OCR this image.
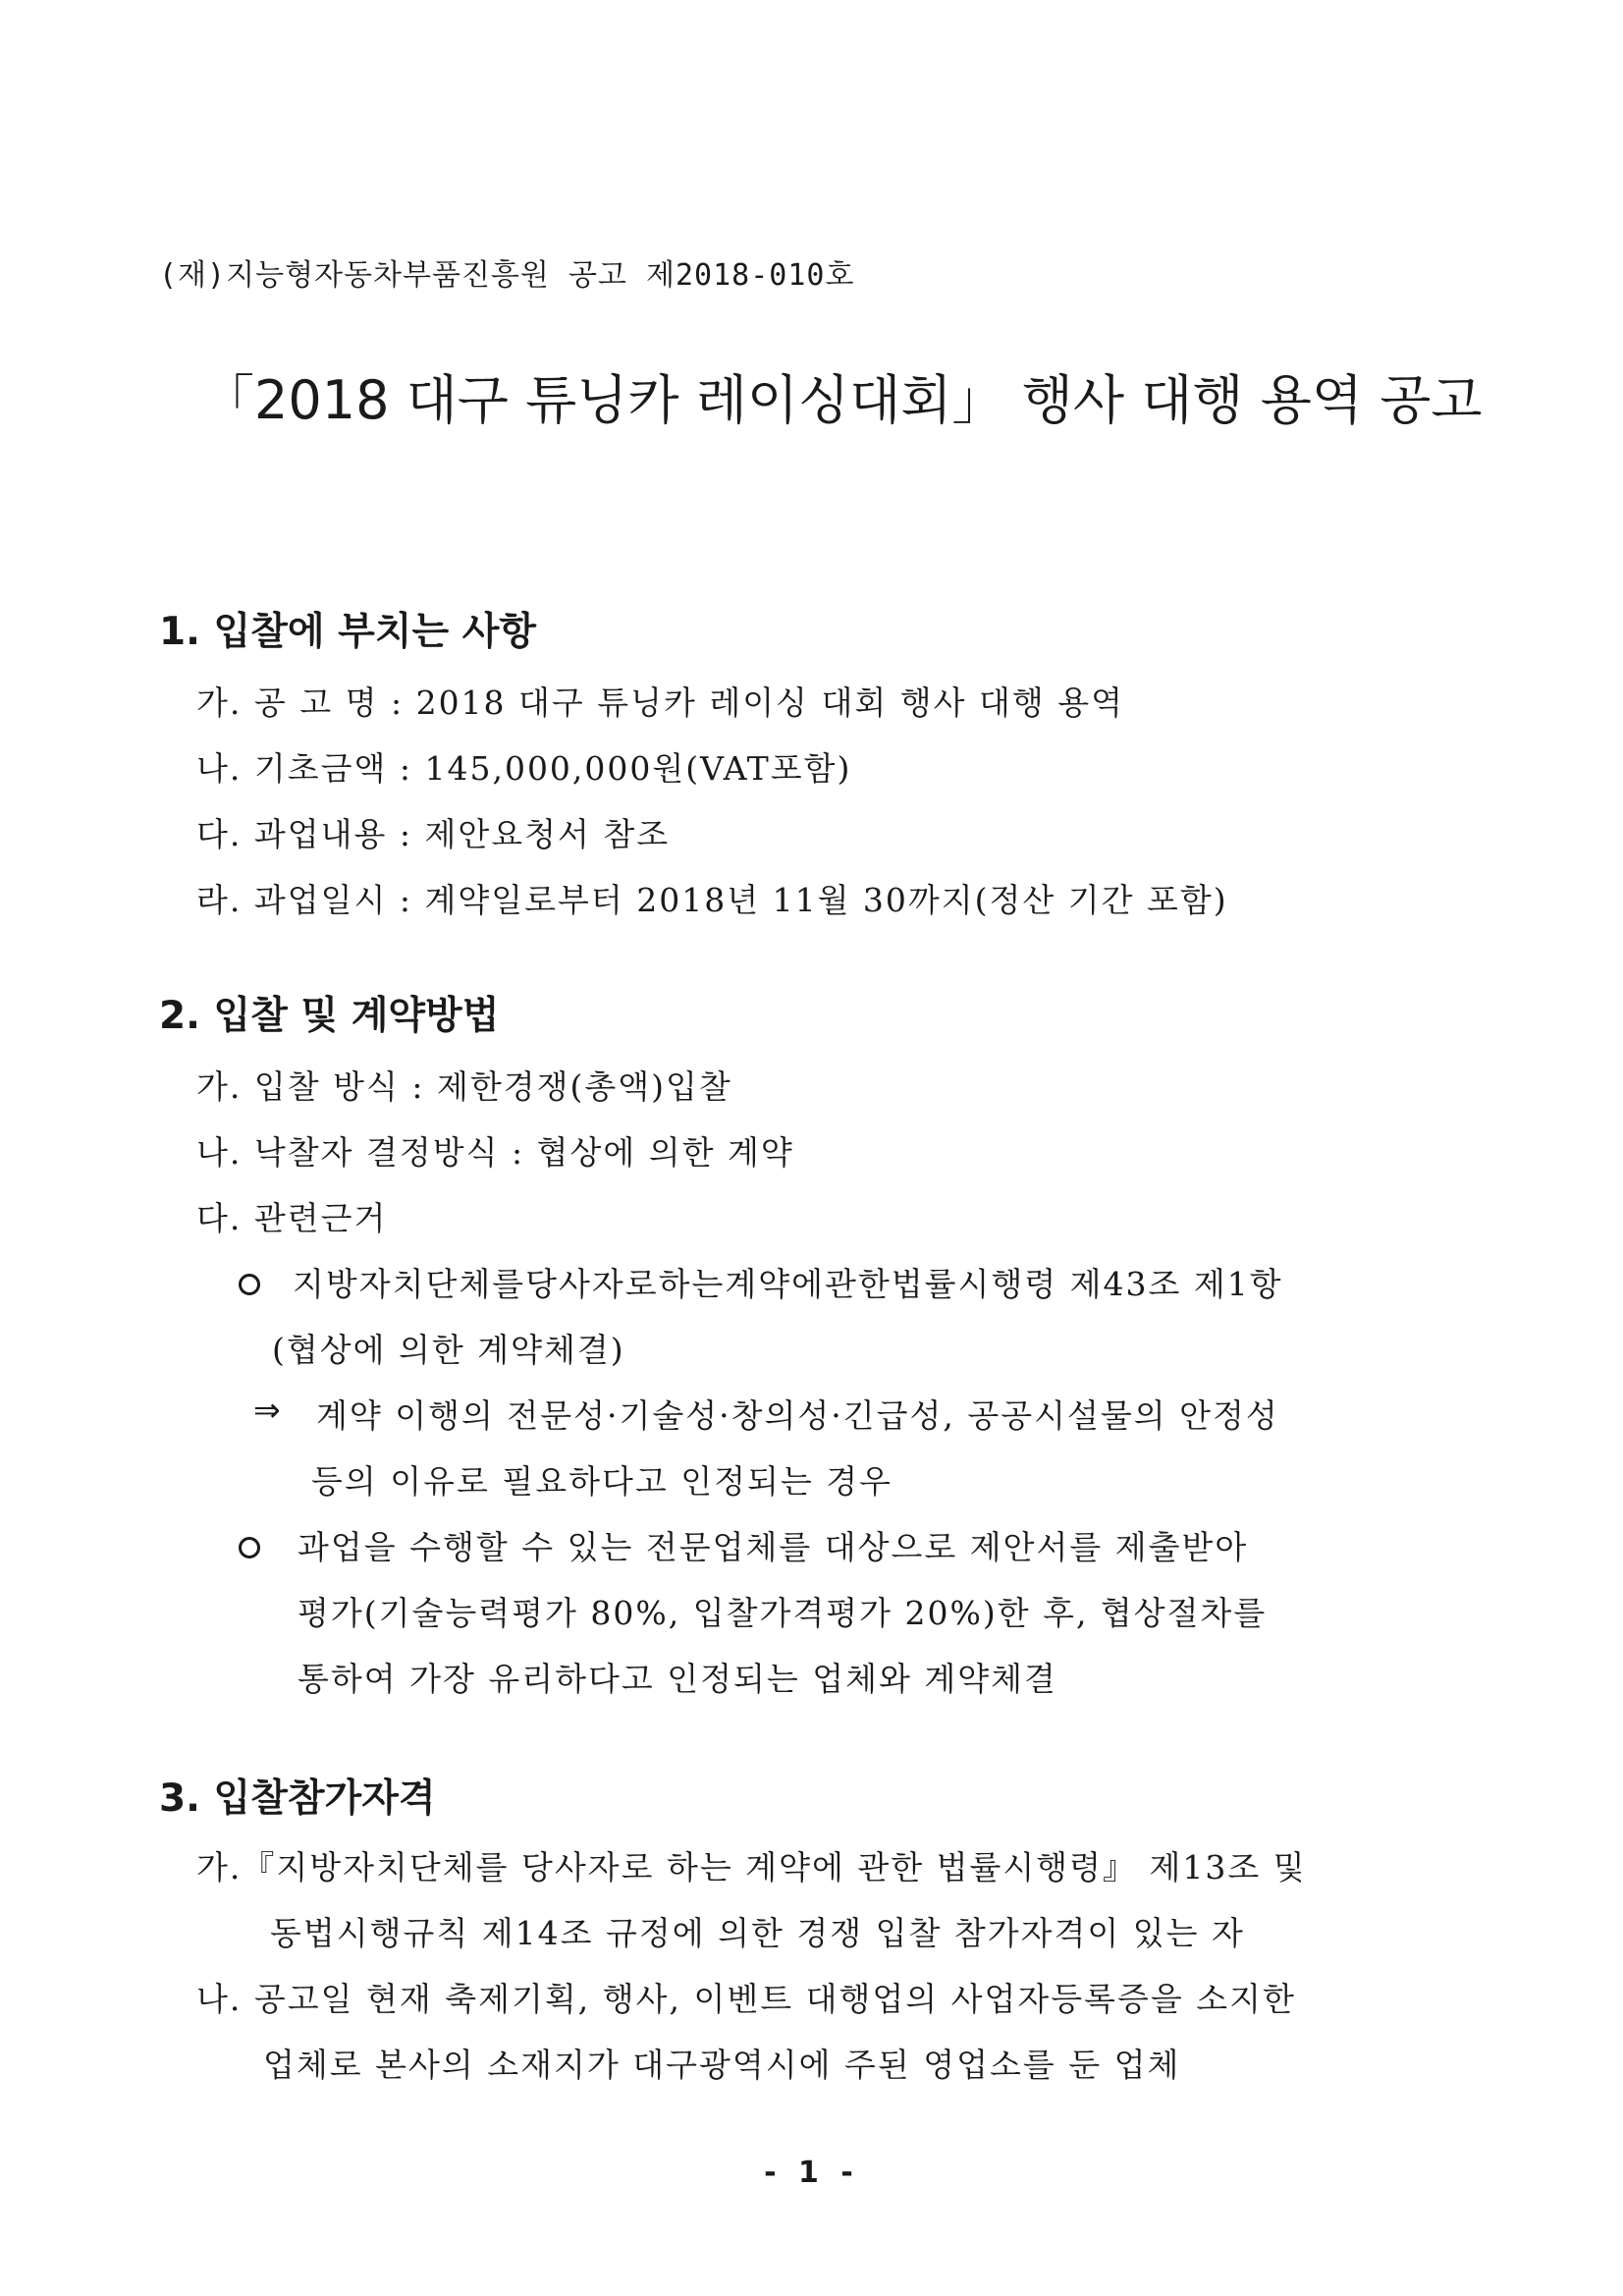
(재)지능형자동차부품진흥원 공고 제2018-010호
「2018 대구 튜닝카 레이싱대회」 행사 대행 용역 공고
1. 입찰에 부치는 사항
가. 공 고 명 : 2018 대구 튜닝카 레이싱 대회 행사 대행 용역
나. 기초금액 : 145,000,000원(VAT포함)
다. 과업내용 : 제안요청서 참조
라. 과업일시 : 계약일로부터 2018년 11월 30까지(정산 기간 포함)
2. 입찰 및 계약방법
가. 입찰 방식 : 제한경쟁(총액)입찰
나. 낙찰자 결정방식 : 협상에 의한 계약
다. 관련근거
지방자치단체를당사자로하는계약에관한법률시행령 제43조 제1항
(협상에 의한 계약체결)
⇒ 계약 이행의 전문성·기술성·창의성·긴급성, 공공시설물의 안정성
등의 이유로 필요하다고 인정되는 경우
과업을 수행할 수 있는 전문업체를 대상으로 제안서를 제출받아
평가(기술능력평가 80%, 입찰가격평가 20%)한 후, 협상절차를
통하여 가장 유리하다고 인정되는 업체와 계약체결
3. 입찰참가자격
가.『지방자치단체를 당사자로 하는 계약에 관한 법률시행령』 제13조 및
동법시행규칙 제14조 규정에 의한 경쟁 입찰 참가자격이 있는 자
나. 공고일 현재 축제기획, 행사, 이벤트 대행업의 사업자등록증을 소지한
업체로 본사의 소재지가 대구광역시에 주된 영업소를 둔 업체
- 1 -
